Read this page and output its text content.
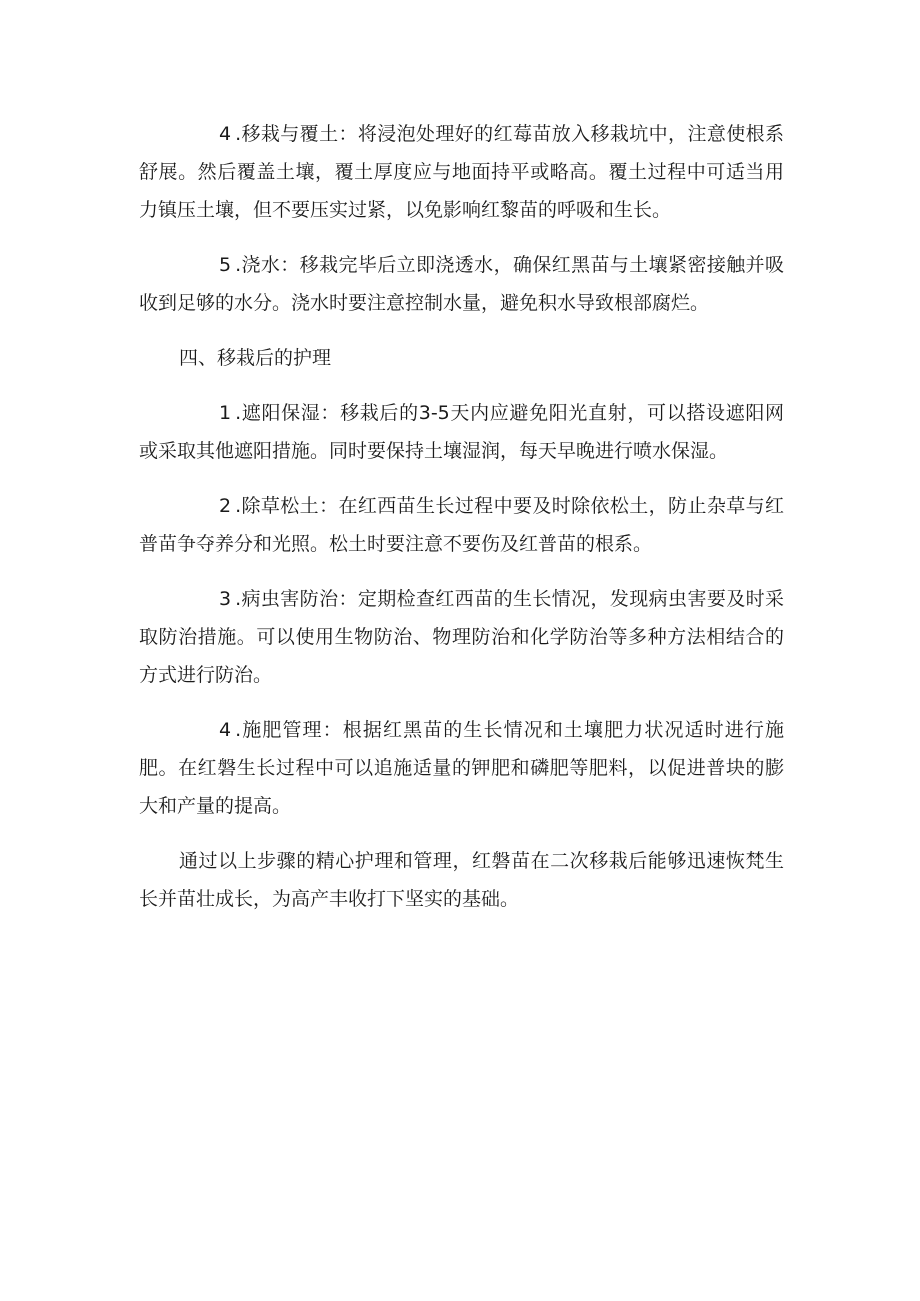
4 .移栽与覆土：将浸泡处理好的红莓苗放入移栽坑中，注意使根系舒展。然后覆盖土壤，覆土厚度应与地面持平或略高。覆土过程中可适当用力镇压土壤，但不要压实过紧，以免影响红黎苗的呼吸和生长。

5 .浇水：移栽完毕后立即浇透水，确保红黑苗与土壤紧密接触并吸收到足够的水分。浇水时要注意控制水量，避免积水导致根部腐烂。

四、移栽后的护理

1 .遮阳保湿：移栽后的3-5天内应避免阳光直射，可以搭设遮阳网或采取其他遮阳措施。同时要保持土壤湿润，每天早晚进行喷水保湿。

2 .除草松土：在红西苗生长过程中要及时除依松土，防止杂草与红普苗争夺养分和光照。松土时要注意不要伤及红普苗的根系。

3 .病虫害防治：定期检查红西苗的生长情况，发现病虫害要及时采取防治措施。可以使用生物防治、物理防治和化学防治等多种方法相结合的方式进行防治。

4 .施肥管理：根据红黑苗的生长情况和土壤肥力状况适时进行施肥。在红磐生长过程中可以追施适量的钾肥和磷肥等肥料，以促进普块的膨大和产量的提高。

通过以上步骤的精心护理和管理，红磐苗在二次移栽后能够迅速恢梵生长并苗壮成长，为高产丰收打下坚实的基础。
